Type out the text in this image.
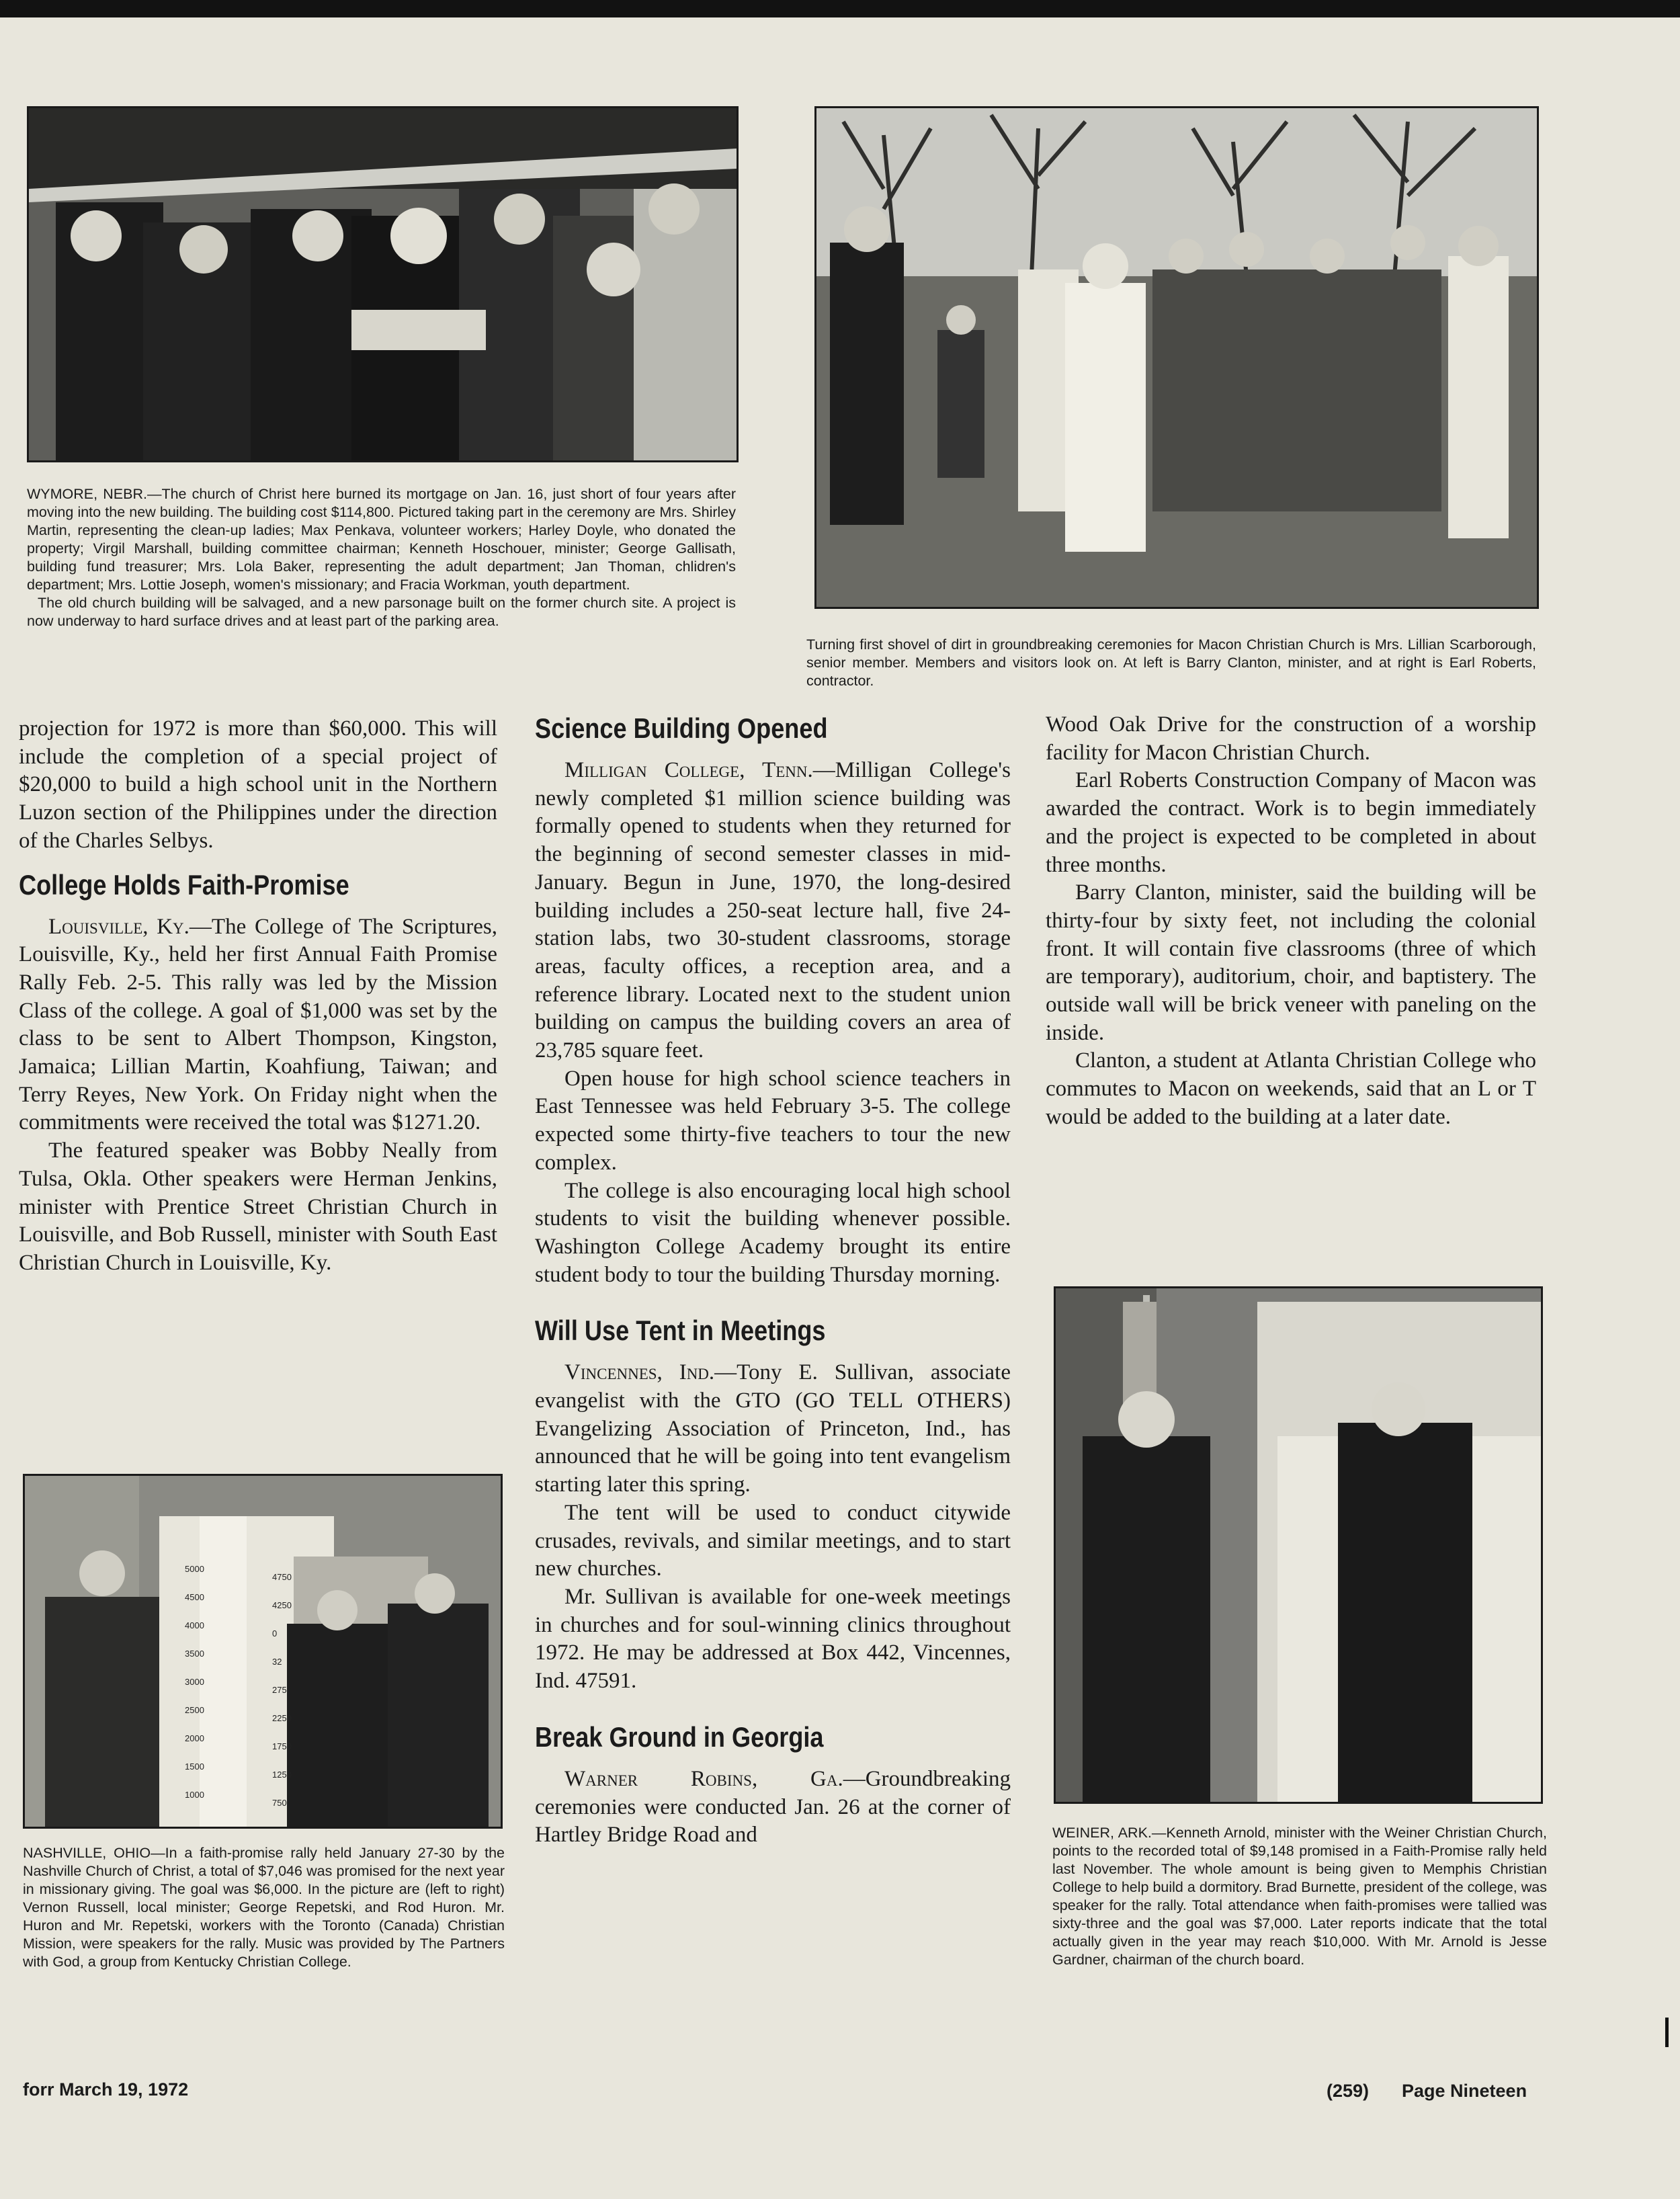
WYMORE, NEBR.—The church of Christ here burned its mortgage on Jan. 16, just short of four years after moving into the new building. The building cost $114,800. Pictured taking part in the ceremony are Mrs. Shirley Martin, representing the clean-up ladies; Max Penkava, volunteer workers; Harley Doyle, who donated the property; Virgil Marshall, building committee chairman; Kenneth Hoschouer, minister; George Gallisath, building fund treasurer; Mrs. Lola Baker, representing the adult department; Jan Thoman, chlidren's department; Mrs. Lottie Joseph, women's missionary; and Fracia Workman, youth department.

The old church building will be salvaged, and a new parsonage built on the former church site. A project is now underway to hard surface drives and at least part of the parking area.

Turning first shovel of dirt in groundbreaking ceremonies for Macon Christian Church is Mrs. Lillian Scarborough, senior member. Members and visitors look on. At left is Barry Clanton, minister, and at right is Earl Roberts, contractor.

projection for 1972 is more than $60,000. This will include the completion of a special project of $20,000 to build a high school unit in the Northern Luzon section of the Philippines under the direction of the Charles Selbys.

College Holds Faith-Promise

Louisville, Ky.—The College of The Scriptures, Louisville, Ky., held her first Annual Faith Promise Rally Feb. 2-5. This rally was led by the Mission Class of the college. A goal of $1,000 was set by the class to be sent to Albert Thompson, Kingston, Jamaica; Lillian Martin, Koahfiung, Taiwan; and Terry Reyes, New York. On Friday night when the commitments were received the total was $1271.20.

The featured speaker was Bobby Neally from Tulsa, Okla. Other speakers were Herman Jenkins, minister with Prentice Street Christian Church in Louisville, and Bob Russell, minister with South East Christian Church in Louisville, Ky.

5000
4500
4000
3500
3000
2500
2000
1500
1000
4750
4250
0
32
275
2250
1750
1250
750

NASHVILLE, OHIO—In a faith-promise rally held January 27-30 by the Nashville Church of Christ, a total of $7,046 was promised for the next year in missionary giving. The goal was $6,000. In the picture are (left to right) Vernon Russell, local minister; George Repetski, and Rod Huron. Mr. Huron and Mr. Repetski, workers with the Toronto (Canada) Christian Mission, were speakers for the rally. Music was provided by The Partners with God, a group from Kentucky Christian College.

Science Building Opened

Milligan College, Tenn.—Milligan College's newly completed $1 million science building was formally opened to students when they returned for the beginning of second semester classes in mid-January. Begun in June, 1970, the long-desired building includes a 250-seat lecture hall, five 24-station labs, two 30-student classrooms, storage areas, faculty offices, a reception area, and a reference library. Located next to the student union building on campus the building covers an area of 23,785 square feet.

Open house for high school science teachers in East Tennessee was held February 3-5. The college expected some thirty-five teachers to tour the new complex.

The college is also encouraging local high school students to visit the building whenever possible. Washington College Academy brought its entire student body to tour the building Thursday morning.

Will Use Tent in Meetings

Vincennes, Ind.—Tony E. Sullivan, associate evangelist with the GTO (GO TELL OTHERS) Evangelizing Association of Princeton, Ind., has announced that he will be going into tent evangelism starting later this spring.

The tent will be used to conduct citywide crusades, revivals, and similar meetings, and to start new churches.

Mr. Sullivan is available for one-week meetings in churches and for soul-winning clinics throughout 1972. He may be addressed at Box 442, Vincennes, Ind. 47591.

Break Ground in Georgia

Warner Robins, Ga.—Groundbreaking ceremonies were conducted Jan. 26 at the corner of Hartley Bridge Road and

Wood Oak Drive for the construction of a worship facility for Macon Christian Church.

Earl Roberts Construction Company of Macon was awarded the contract. Work is to begin immediately and the project is expected to be completed in about three months.

Barry Clanton, minister, said the building will be thirty-four by sixty feet, not including the colonial front. It will contain five classrooms (three of which are temporary), auditorium, choir, and baptistery. The outside wall will be brick veneer with paneling on the inside.

Clanton, a student at Atlanta Christian College who commutes to Macon on weekends, said that an L or T would be added to the building at a later date.

WEINER, ARK.—Kenneth Arnold, minister with the Weiner Christian Church, points to the recorded total of $9,148 promised in a Faith-Promise rally held last November. The whole amount is being given to Memphis Christian College to help build a dormitory. Brad Burnette, president of the college, was speaker for the rally. Total attendance when faith-promises were tallied was sixty-three and the goal was $7,000. Later reports indicate that the total actually given in the year may reach $10,000. With Mr. Arnold is Jesse Gardner, chairman of the church board.

forr March 19, 1972	(259) Page Nineteen
